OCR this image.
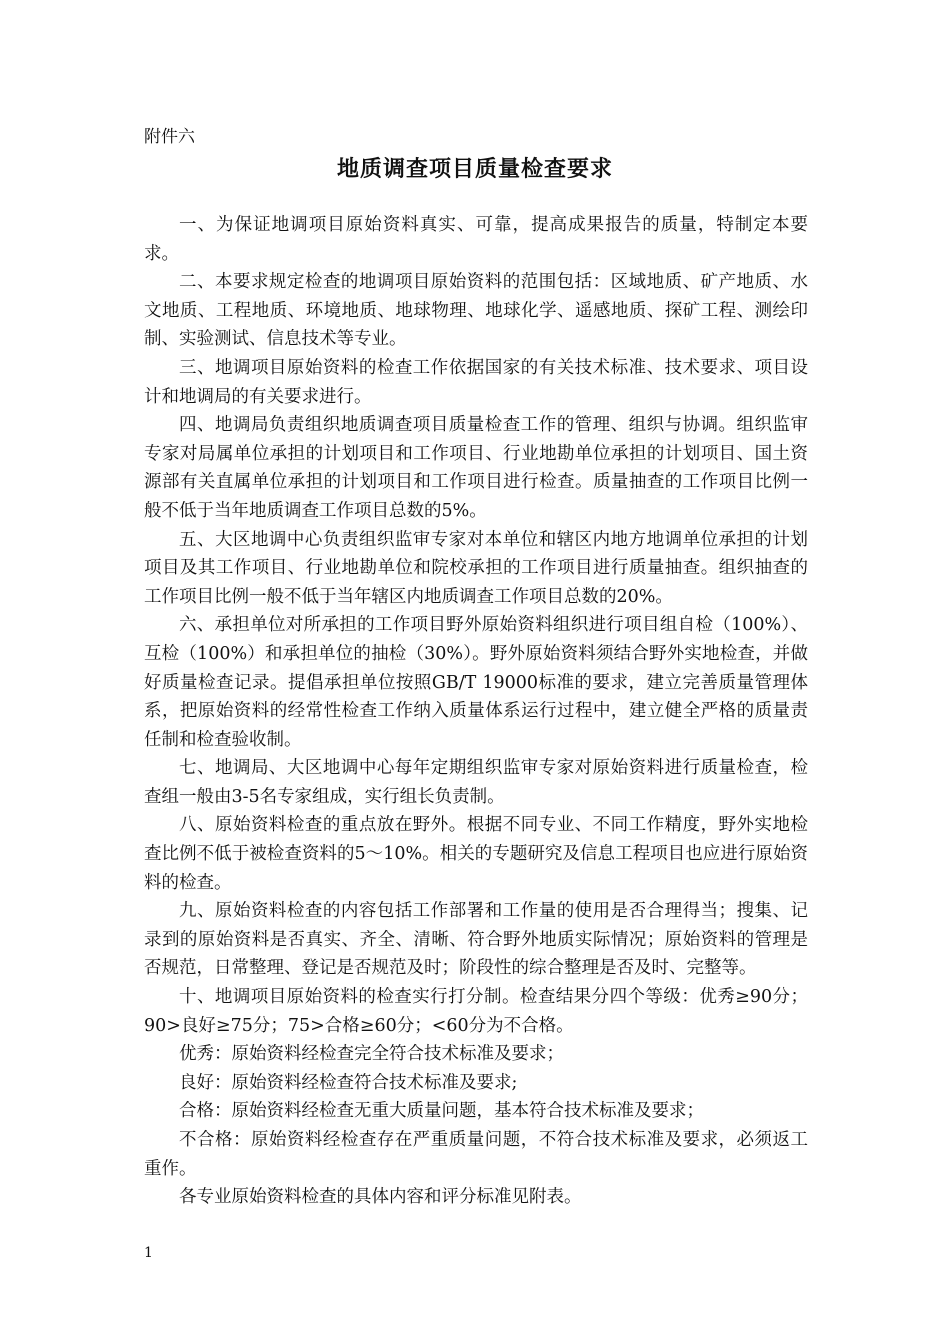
附件六
地质调查项目质量检查要求

一、为保证地调项目原始资料真实、可靠，提高成果报告的质量，特制定本要求。

二、本要求规定检查的地调项目原始资料的范围包括：区域地质、矿产地质、水文地质、工程地质、环境地质、地球物理、地球化学、遥感地质、探矿工程、测绘印制、实验测试、信息技术等专业。

三、地调项目原始资料的检查工作依据国家的有关技术标准、技术要求、项目设计和地调局的有关要求进行。

四、地调局负责组织地质调查项目质量检查工作的管理、组织与协调。组织监审专家对局属单位承担的计划项目和工作项目、行业地勘单位承担的计划项目、国土资源部有关直属单位承担的计划项目和工作项目进行检查。质量抽查的工作项目比例一般不低于当年地质调查工作项目总数的5%。

五、大区地调中心负责组织监审专家对本单位和辖区内地方地调单位承担的计划项目及其工作项目、行业地勘单位和院校承担的工作项目进行质量抽查。组织抽查的工作项目比例一般不低于当年辖区内地质调查工作项目总数的20%。

六、承担单位对所承担的工作项目野外原始资料组织进行项目组自检（100%）、互检（100%）和承担单位的抽检（30%）。野外原始资料须结合野外实地检查，并做好质量检查记录。提倡承担单位按照GB/T 19000标准的要求，建立完善质量管理体系，把原始资料的经常性检查工作纳入质量体系运行过程中，建立健全严格的质量责任制和检查验收制。

七、地调局、大区地调中心每年定期组织监审专家对原始资料进行质量检查，检查组一般由3-5名专家组成，实行组长负责制。

八、原始资料检查的重点放在野外。根据不同专业、不同工作精度，野外实地检查比例不低于被检查资料的5～10%。相关的专题研究及信息工程项目也应进行原始资料的检查。

九、原始资料检查的内容包括工作部署和工作量的使用是否合理得当；搜集、记录到的原始资料是否真实、齐全、清晰、符合野外地质实际情况；原始资料的管理是否规范，日常整理、登记是否规范及时；阶段性的综合整理是否及时、完整等。

十、地调项目原始资料的检查实行打分制。检查结果分四个等级：优秀≥90分； 90>良好≥75分；75>合格≥60分；<60分为不合格。

优秀：原始资料经检查完全符合技术标准及要求；

良好：原始资料经检查符合技术标准及要求;

合格：原始资料经检查无重大质量问题，基本符合技术标准及要求；

不合格：原始资料经检查存在严重质量问题，不符合技术标准及要求，必须返工重作。

各专业原始资料检查的具体内容和评分标准见附表。

1
